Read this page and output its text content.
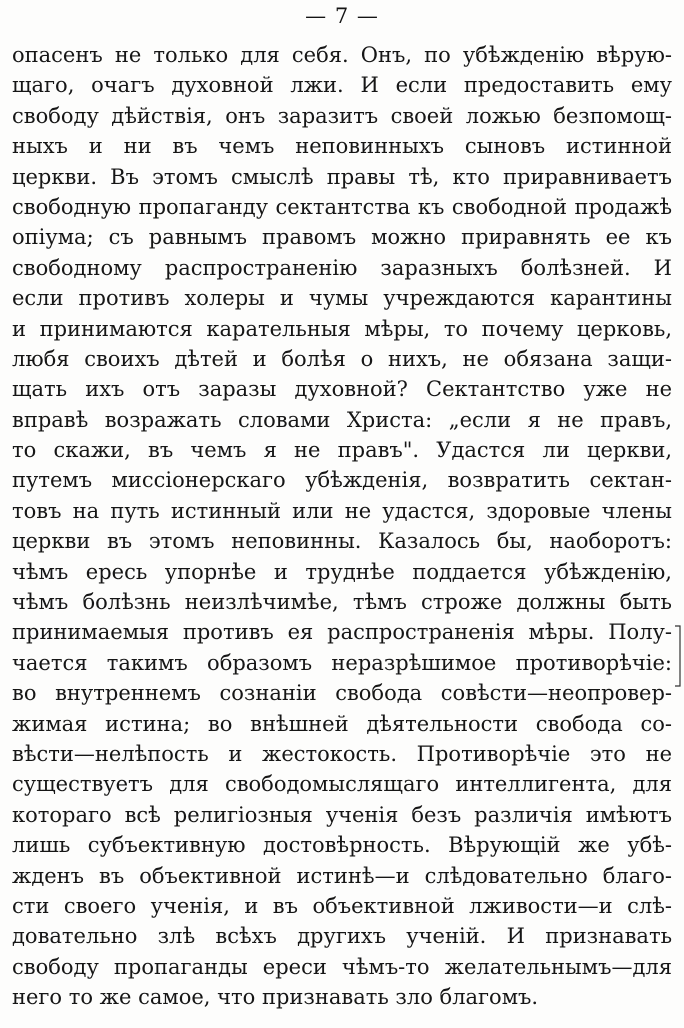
— 7 —
опасенъ не только для себя. Онъ, по убѣжденію вѣрую-
щаго, очагъ духовной лжи. И если предоставить ему
свободу дѣйствія, онъ заразитъ своей ложью безпомощ-
ныхъ и ни въ чемъ неповинныхъ сыновъ истинной
церкви. Въ этомъ смыслѣ правы тѣ, кто приравниваетъ
свободную пропаганду сектантства къ свободной продажѣ
опіума; съ равнымъ правомъ можно приравнять ее къ
свободному распространенію заразныхъ болѣзней. И
если противъ холеры и чумы учреждаются карантины
и принимаются карательныя мѣры, то почему церковь,
любя своихъ дѣтей и болѣя о нихъ, не обязана защи-
щать ихъ отъ заразы духовной? Сектантство уже не
вправѣ возражать словами Христа: „если я не правъ,
то скажи, въ чемъ я не правъ". Удастся ли церкви,
путемъ миссіонерскаго убѣжденія, возвратить сектан-
товъ на путь истинный или не удастся, здоровые члены
церкви въ этомъ неповинны. Казалось бы, наоборотъ:
чѣмъ ересь упорнѣе и труднѣе поддается убѣжденію,
чѣмъ болѣзнь неизлѣчимѣе, тѣмъ строже должны быть
принимаемыя противъ ея распространенія мѣры. Полу-
чается такимъ образомъ неразрѣшимое противорѣчіе:
во внутреннемъ сознаніи свобода совѣсти—неопровер-
жимая истина; во внѣшней дѣятельности свобода со-
вѣсти—нелѣпость и жестокость. Противорѣчіе это не
существуетъ для свободомыслящаго интеллигента, для
котораго всѣ религіозныя ученія безъ различія имѣютъ
лишь субъективную достовѣрность. Вѣрующій же убѣ-
жденъ въ объективной истинѣ—и слѣдовательно благо-
сти своего ученія, и въ объективной лживости—и слѣ-
довательно злѣ всѣхъ другихъ ученій. И признавать
свободу пропаганды ереси чѣмъ-то желательнымъ—для
него то же самое, что признавать зло благомъ.
